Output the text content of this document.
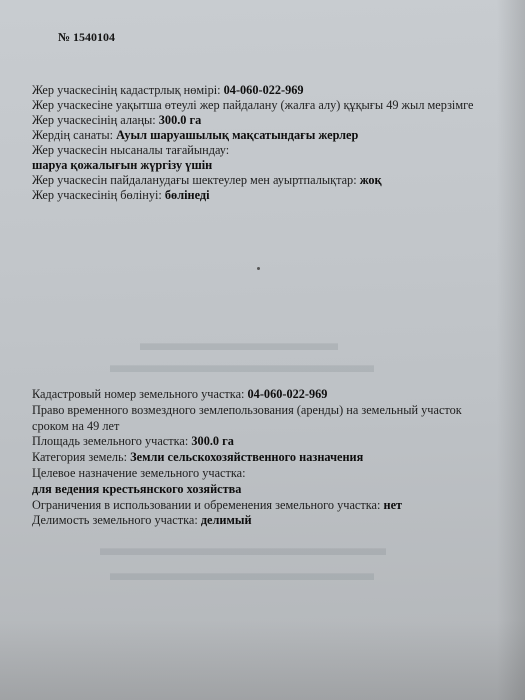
▬▬▬▬▬▬▬▬▬
▬▬▬▬▬▬▬▬▬▬▬▬
▬▬▬▬▬▬▬▬▬▬▬▬▬
▬▬▬▬▬▬▬▬▬▬▬▬
№ 1540104
Жер учаскесінің кадастрлық нөмірі: 04-060-022-969
Жер учаскесіне уақытша өтеулі жер пайдалану (жалға алу) құқығы 49 жыл мерзімге
Жер учаскесінің алаңы: 300.0 га
Жердің санаты: Ауыл шаруашылық мақсатындағы жерлер
Жер учаскесін нысаналы тағайындау:
шаруа қожалығын жүргізу үшін
Жер учаскесін пайдаланудағы шектеулер мен ауыртпалықтар: жоқ
Жер учаскесінің бөлінуі: бөлінеді
Кадастровый номер земельного участка: 04-060-022-969
Право временного возмездного землепользования (аренды) на земельный участок сроком на 49 лет
Площадь земельного участка: 300.0 га
Категория земель: Земли сельскохозяйственного назначения
Целевое назначение земельного участка:
для ведения крестьянского хозяйства
Ограничения в использовании и обременения земельного участка: нет
Делимость земельного участка: делимый
